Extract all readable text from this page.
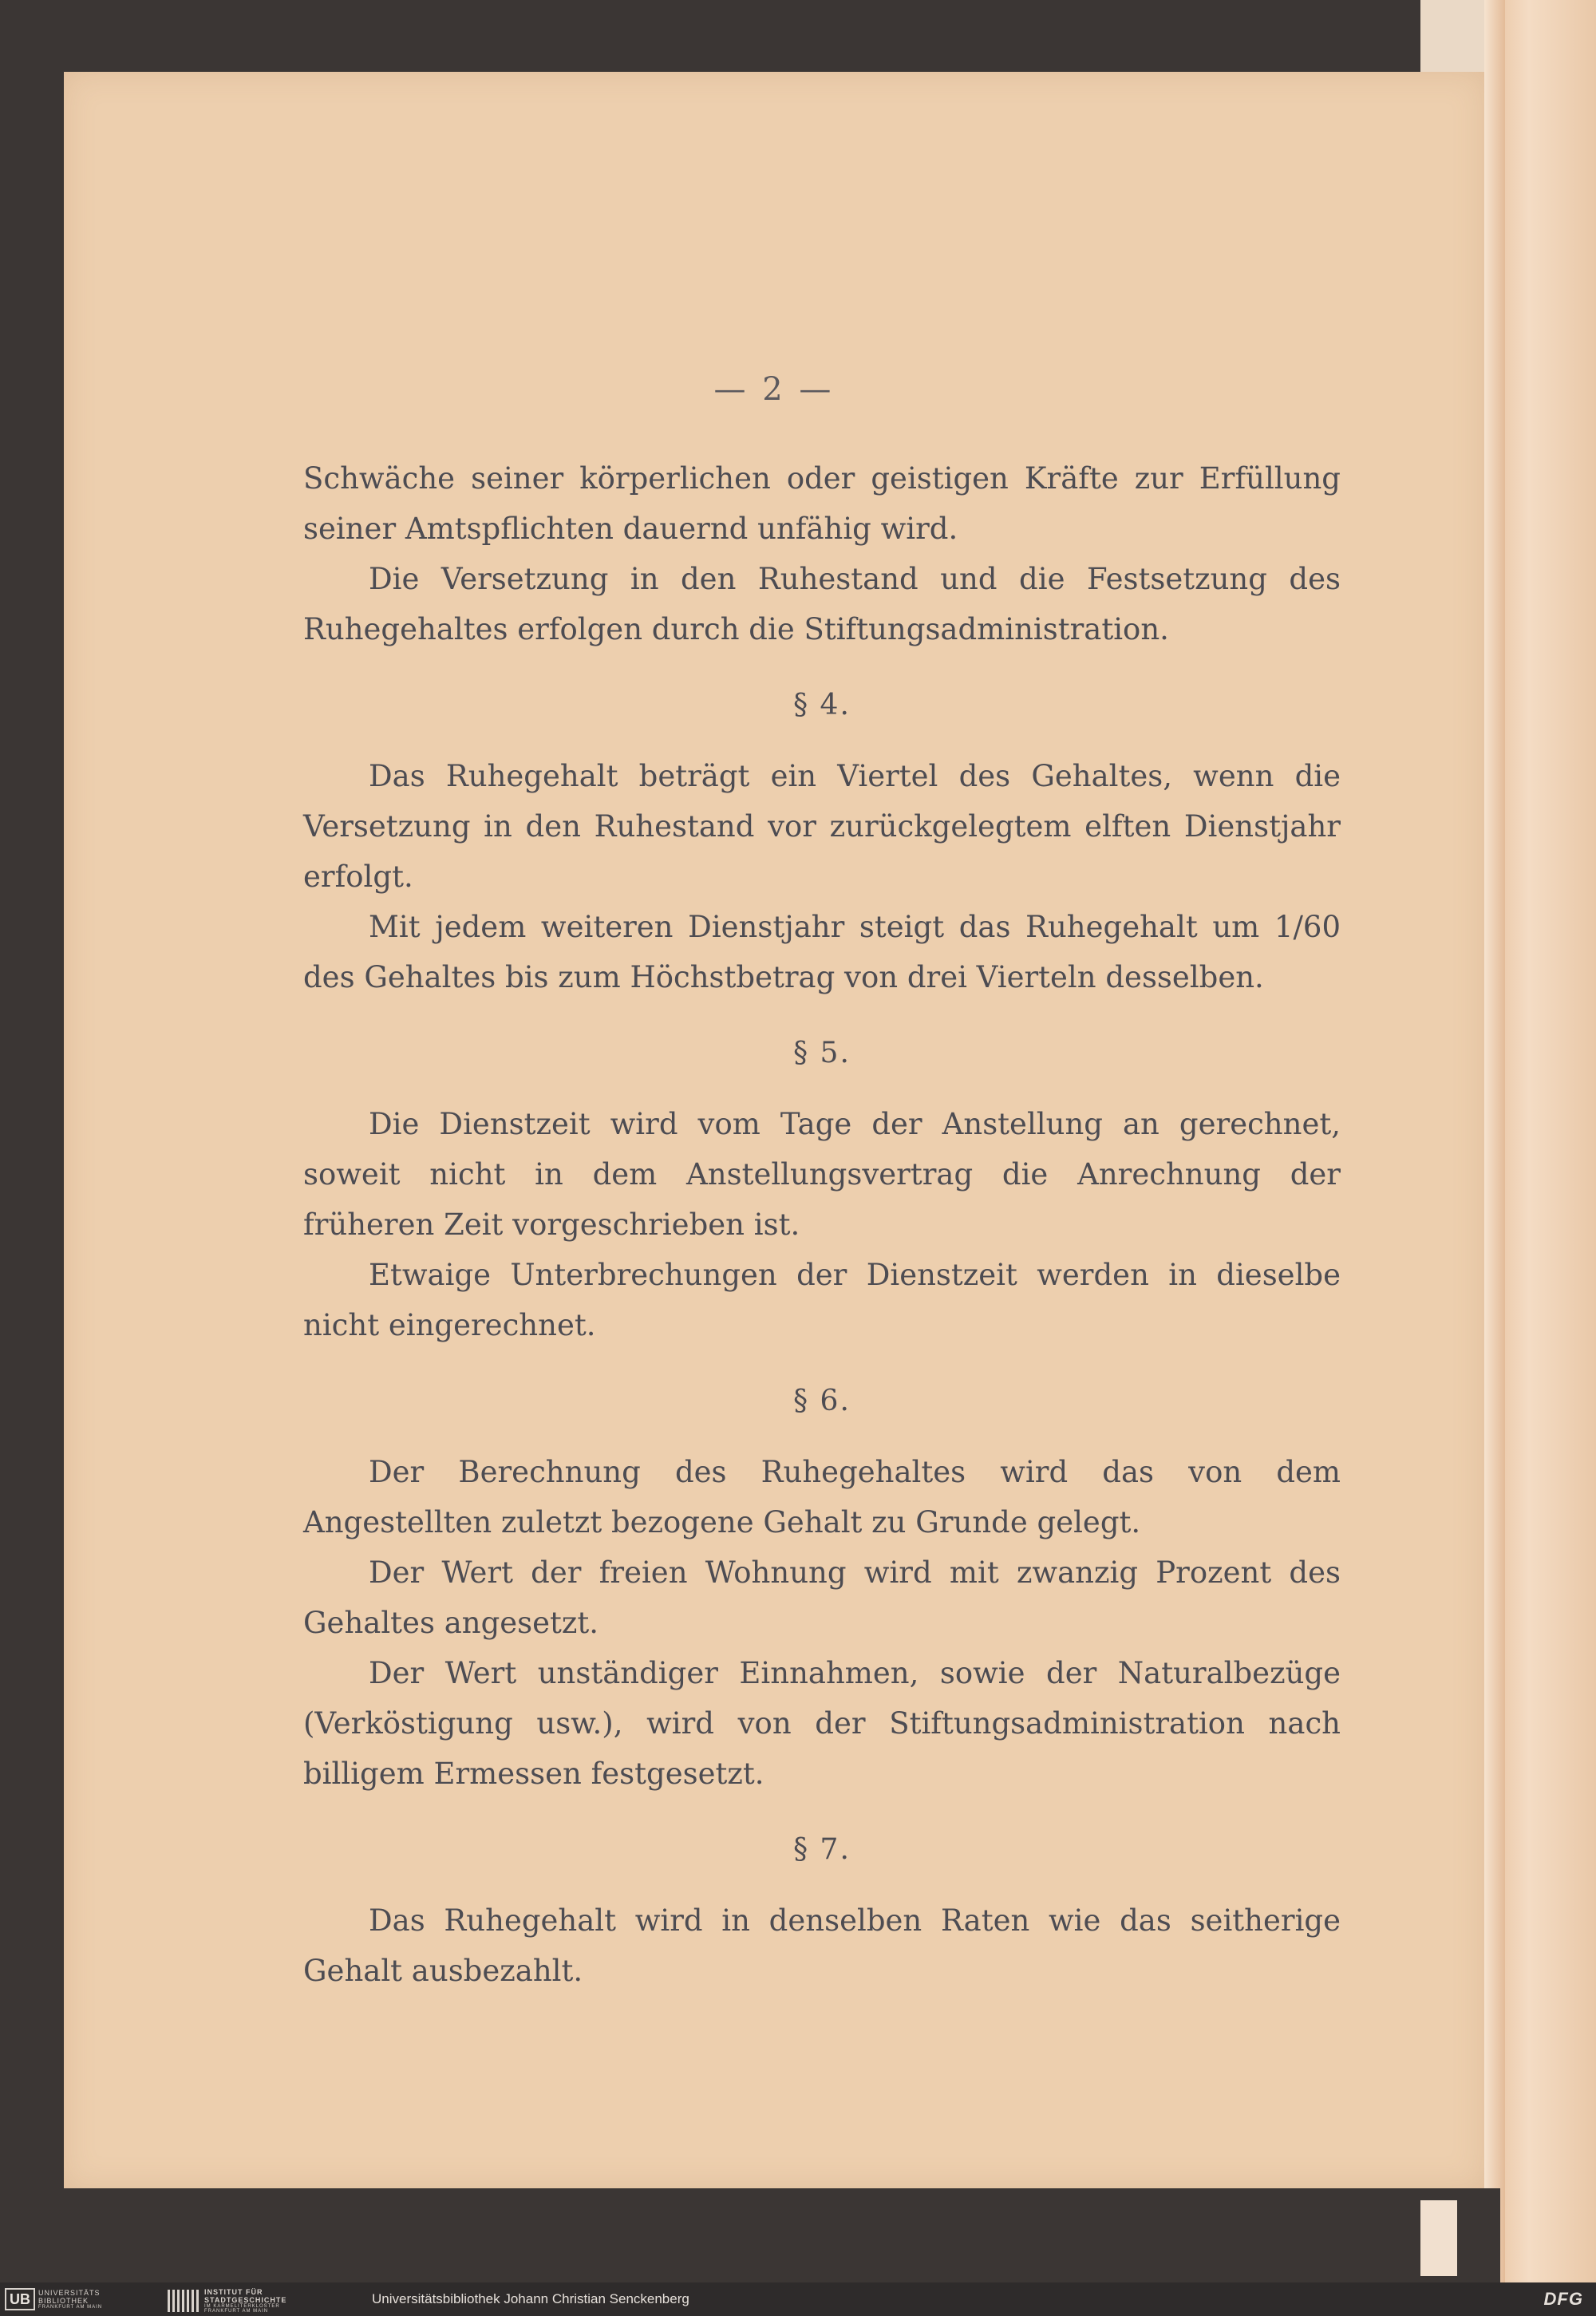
— 2 —

Schwäche seiner körperlichen oder geistigen Kräfte zur Erfüllung seiner Amtspflichten dauernd unfähig wird.

Die Versetzung in den Ruhestand und die Festsetzung des Ruhegehaltes erfolgen durch die Stiftungsadministration.

§ 4.

Das Ruhegehalt beträgt ein Viertel des Gehaltes, wenn die Versetzung in den Ruhestand vor zurückgelegtem elften Dienstjahr erfolgt.

Mit jedem weiteren Dienstjahr steigt das Ruhegehalt um 1/60 des Gehaltes bis zum Höchstbetrag von drei Vierteln desselben.

§ 5.

Die Dienstzeit wird vom Tage der Anstellung an gerechnet, soweit nicht in dem Anstellungsvertrag die Anrechnung der früheren Zeit vorgeschrieben ist.

Etwaige Unterbrechungen der Dienstzeit werden in dieselbe nicht eingerechnet.

§ 6.

Der Berechnung des Ruhegehaltes wird das von dem Angestellten zuletzt bezogene Gehalt zu Grunde gelegt.

Der Wert der freien Wohnung wird mit zwanzig Prozent des Gehaltes angesetzt.

Der Wert unständiger Einnahmen, sowie der Naturalbezüge (Verköstigung usw.), wird von der Stiftungsadministration nach billigem Ermessen festgesetzt.

§ 7.

Das Ruhegehalt wird in denselben Raten wie das seitherige Gehalt ausbezahlt.

UB	UNIVERSITÄTS
BIBLIOTHEK
FRANKFURT AM MAIN
INSTITUT FÜR
STADTGESCHICHTE
IM KARMELITERKLOSTER
FRANKFURT AM MAIN
Universitätsbibliothek Johann Christian Senckenberg	DFG
